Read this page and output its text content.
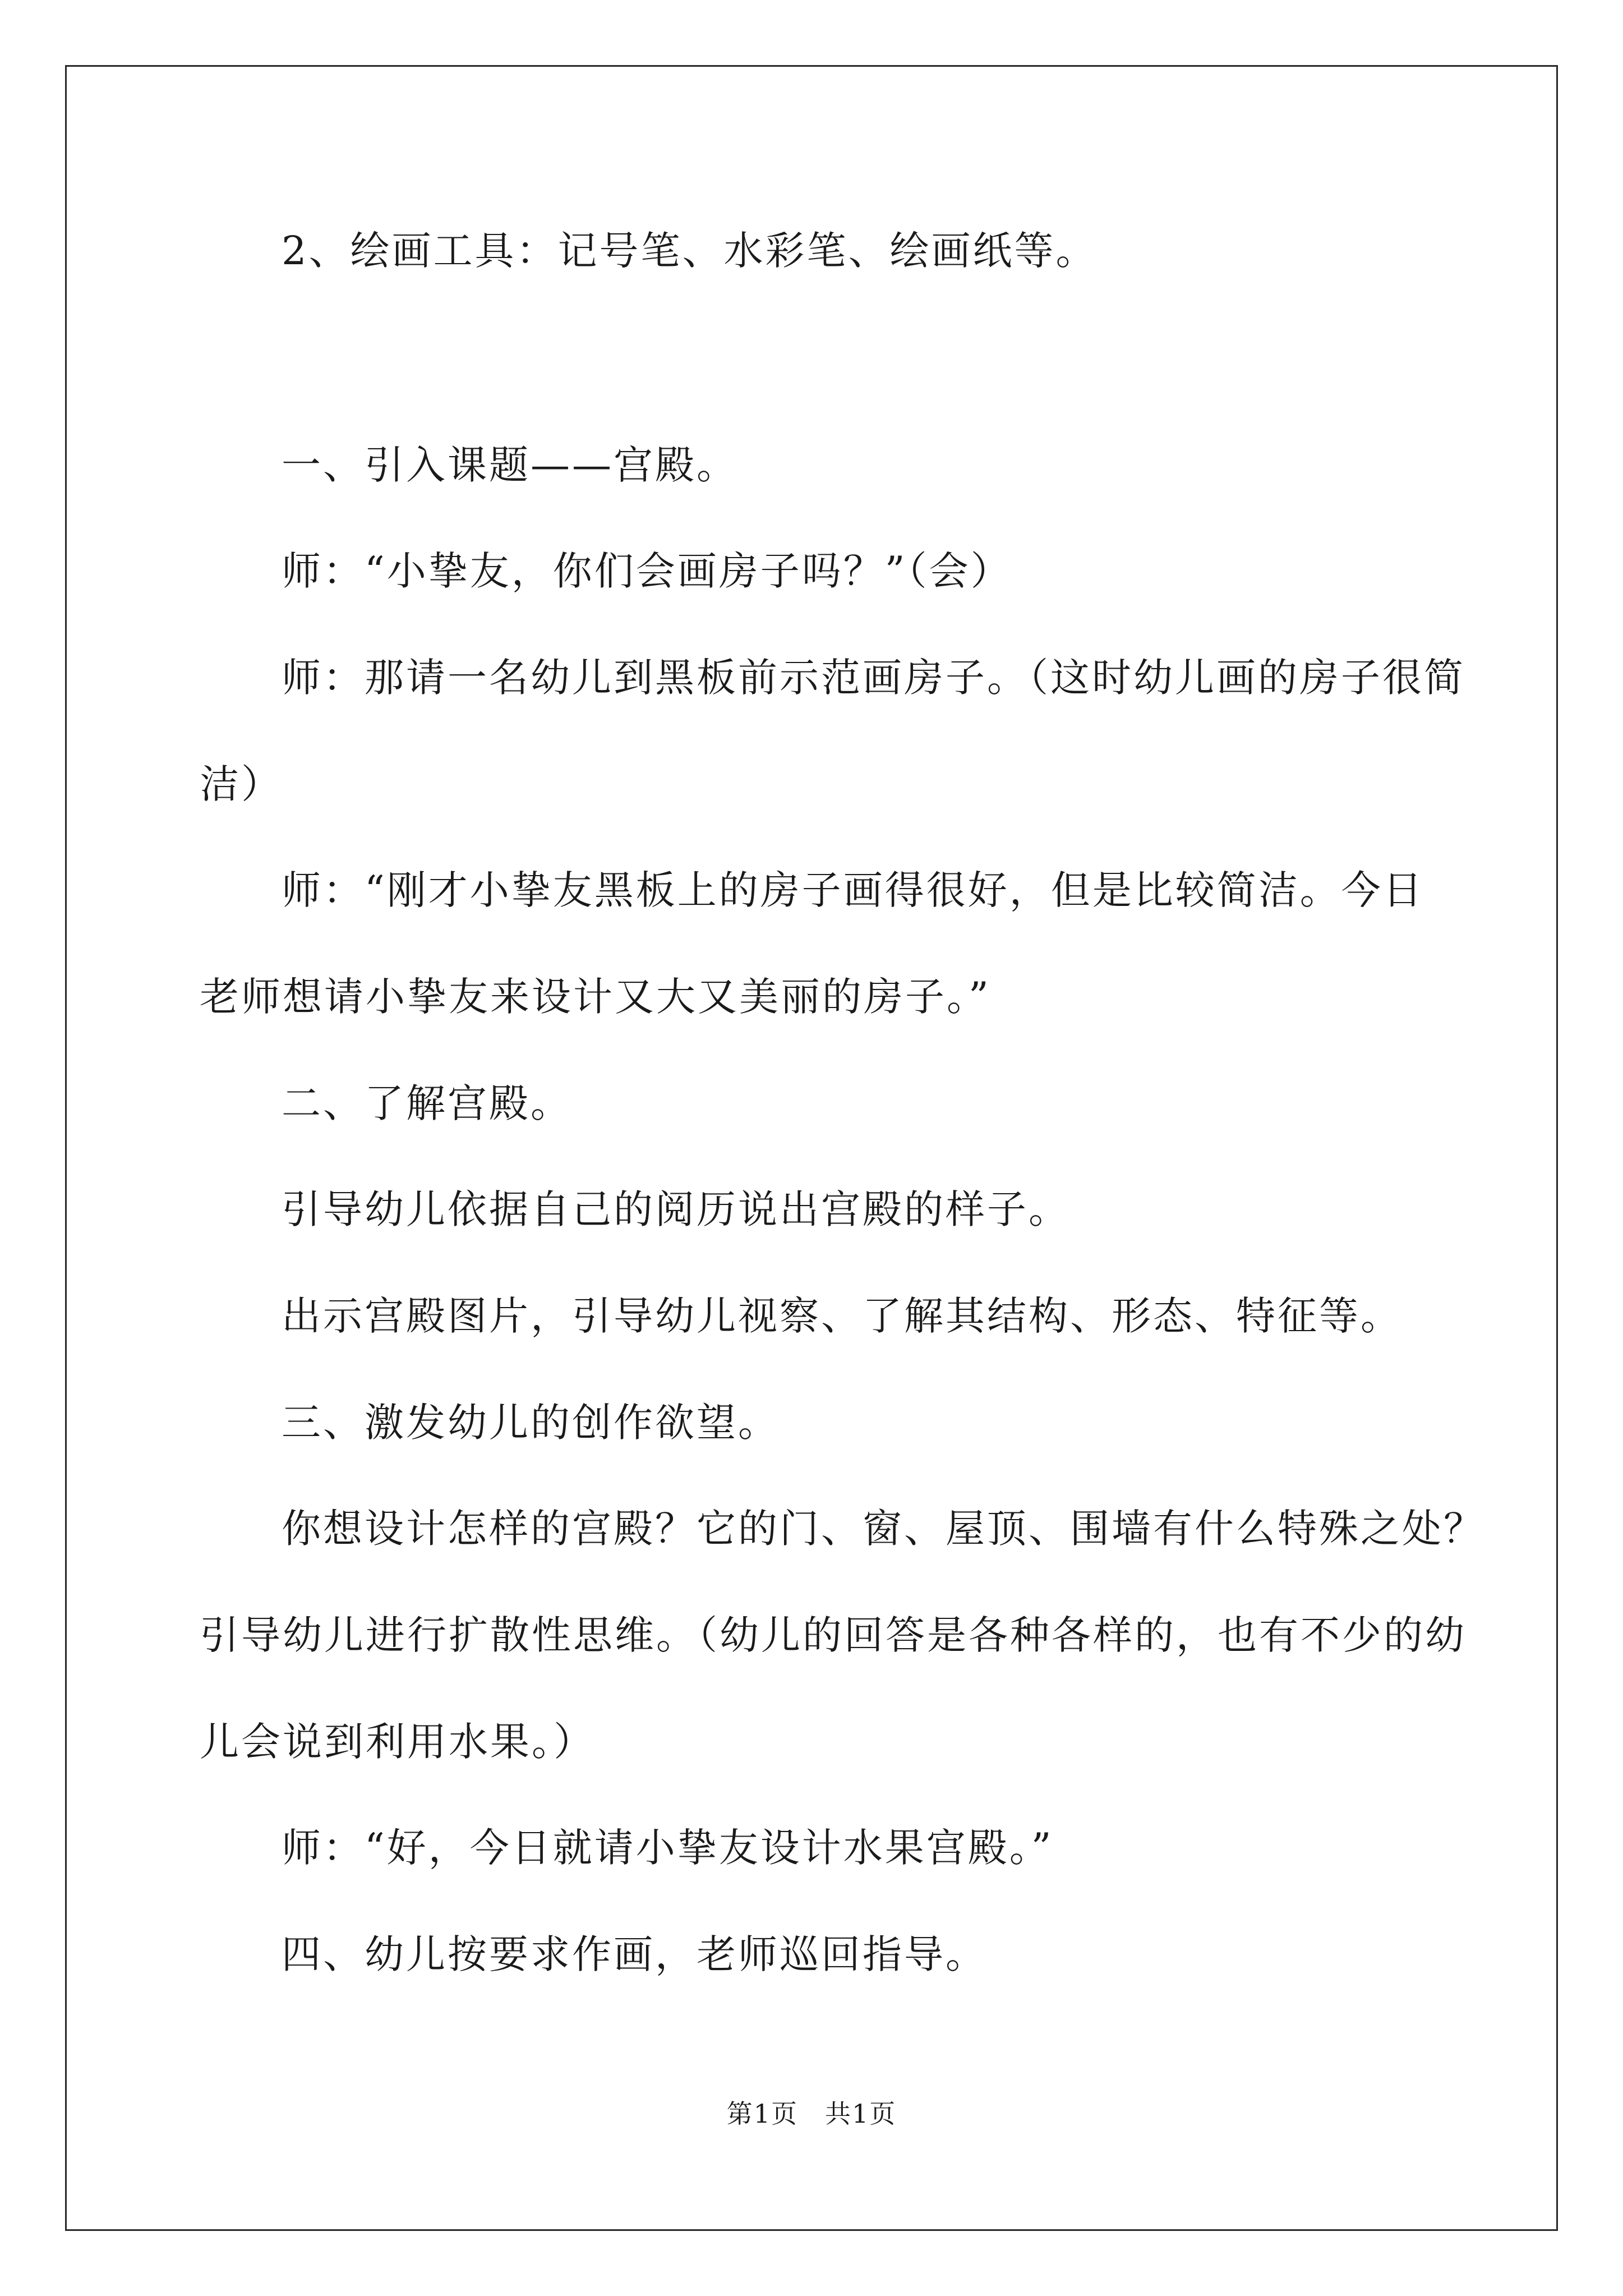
2、绘画工具：记号笔、水彩笔、绘画纸等。
一、引入课题——宫殿。
师：“小挚友，你们会画房子吗？”（会）
师：那请一名幼儿到黑板前示范画房子。（这时幼儿画的房子很简
洁）
师：“刚才小挚友黑板上的房子画得很好，但是比较简洁。今日
老师想请小挚友来设计又大又美丽的房子。”
二、了解宫殿。
引导幼儿依据自己的阅历说出宫殿的样子。
出示宫殿图片，引导幼儿视察、了解其结构、形态、特征等。
三、激发幼儿的创作欲望。
你想设计怎样的宫殿？它的门、窗、屋顶、围墙有什么特殊之处？
引导幼儿进行扩散性思维。（幼儿的回答是各种各样的，也有不少的幼
儿会说到利用水果。）
师：“好，今日就请小挚友设计水果宫殿。”
四、幼儿按要求作画，老师巡回指导。
第1页　共1页
